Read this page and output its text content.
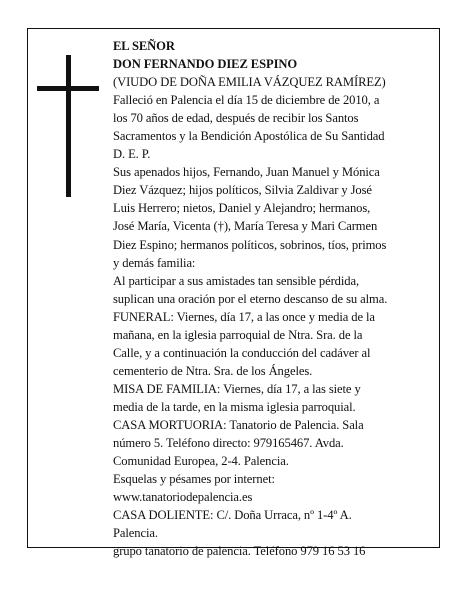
EL SEÑOR

DON FERNANDO DIEZ ESPINO

(VIUDO DE DOÑA EMILIA VÁZQUEZ RAMÍREZ)

Falleció en Palencia el día 15 de diciembre de 2010, a
los 70 años de edad, después de recibir los Santos
Sacramentos y la Bendición Apostólica de Su Santidad
D. E. P.

Sus apenados hijos, Fernando, Juan Manuel y Mónica
Diez Vázquez; hijos políticos, Silvia Zaldivar y José
Luis Herrero; nietos, Daniel y Alejandro; hermanos,
José María, Vicenta (†), María Teresa y Mari Carmen
Diez Espino; hermanos políticos, sobrinos, tíos, primos
y demás familia:

Al participar a sus amistades tan sensible pérdida,
suplican una oración por el eterno descanso de su alma.

FUNERAL: Viernes, día 17, a las once y media de la
mañana, en la iglesia parroquial de Ntra. Sra. de la
Calle, y a continuación la conducción del cadáver al
cementerio de Ntra. Sra. de los Ángeles.

MISA DE FAMILIA: Viernes, día 17, a las siete y
media de la tarde, en la misma iglesia parroquial.

CASA MORTUORIA: Tanatorio de Palencia. Sala
número 5. Teléfono directo: 979165467. Avda.
Comunidad Europea, 2-4. Palencia.

Esquelas y pésames por internet:
www.tanatoriodepalencia.es

CASA DOLIENTE: C/. Doña Urraca, nº 1-4º A.
Palencia.

grupo tanatorio de palencia. Teléfono 979 16 53 16
